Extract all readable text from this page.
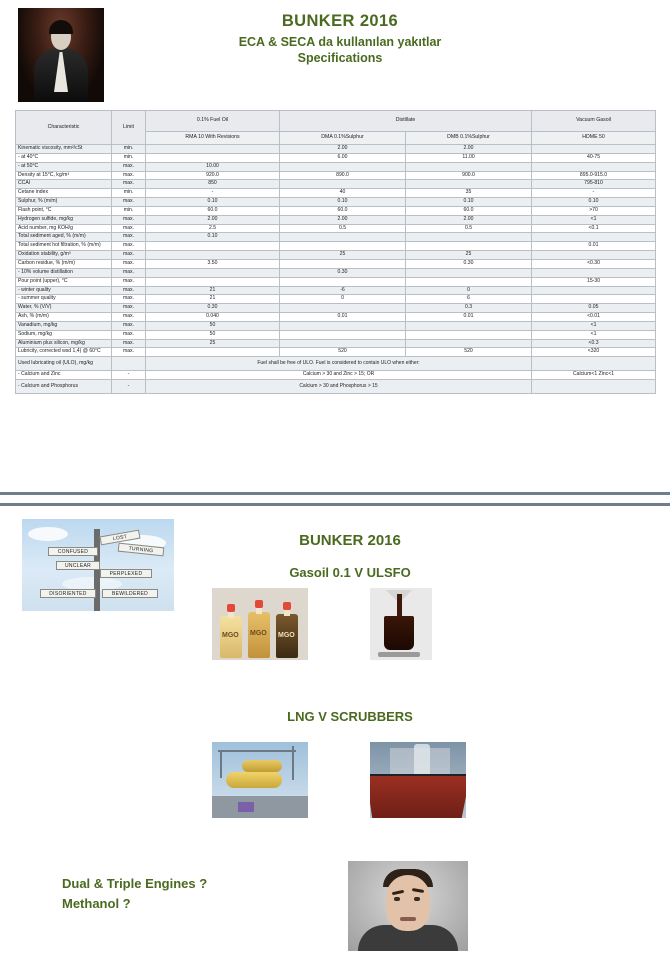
BUNKER 2016
ECA & SECA da kullanılan yakıtlar
Specifications
Characteristic	Limit	0.1% Fuel Oil	Distillate		Vacuum Gasoil
		RMA 10 With Revisions	DMA 0.1%Sulphur	DMB 0.1%Sulphur	HDME 50
Kinematic viscosity, mm²/cSt	min.		2.00	2.00	
- at 40°C	min.		6.00	11.00	40-75
- at 50°C	max.	10.00			
Density at 15°C, kg/m³	max.	920.0	890.0	900.0	895.0-915.0
CCAI	max.	850			795-810
Cetane index	min.	-	40	35	-
Sulphur, % (m/m)	max.	0.10	0.10	0.10	0.10
Flash point, °C	min.	60.0	60.0	60.0	>70
Hydrogen sulfide, mg/kg	max.	2.00	2.00	2.00	<1
Acid number, mg KOH/g	max.	2.5	0.5	0.5	<0.1
Total sediment aged, % (m/m)	max.	0.10			
Total sediment hot filtration, % (m/m)	max.				0.01
Oxidation stability, g/m³	max.		25	25	
Carbon residue, % (m/m)	max.	3.50		0.30	<0.30
- 10% volume distillation	max.		0.30		
Pour point (upper), °C	max.				15-30
- winter quality	max.	21	-6	0	
- summer quality	max.	21	0	6	
Water, % (V/V)	max.	0.30		0.3	0.05
Ash, % (m/m)	max.	0.040	0.01	0.01	<0.01
Vanadium, mg/kg	max.	50			<1
Sodium, mg/kg	max.	50			<1
Aluminium plus silicon, mg/kg	max.	25			<0.3
Lubricity, corrected wsd 1,4) @ 60°C	max.		520	520	<320
Used lubricating oil (ULO), mg/kg		Fuel shall be free of ULO. Fuel is considered to contain ULO when either:			
- Calcium and Zinc	-	Calcium > 30 and Zinc > 15; OR			Calcium<1 Zinc<1
- Calcium and Phosphorus	-	Calcium > 30 and Phosphorus > 15			
LOST
TURNING
CONFUSED
UNCLEAR
PERPLEXED
DISORIENTED	BEWILDERED
BUNKER 2016
Gasoil 0.1 V ULSFO
MGO MGO MGO
LNG V SCRUBBERS
Dual & Triple Engines ?
Methanol ?
